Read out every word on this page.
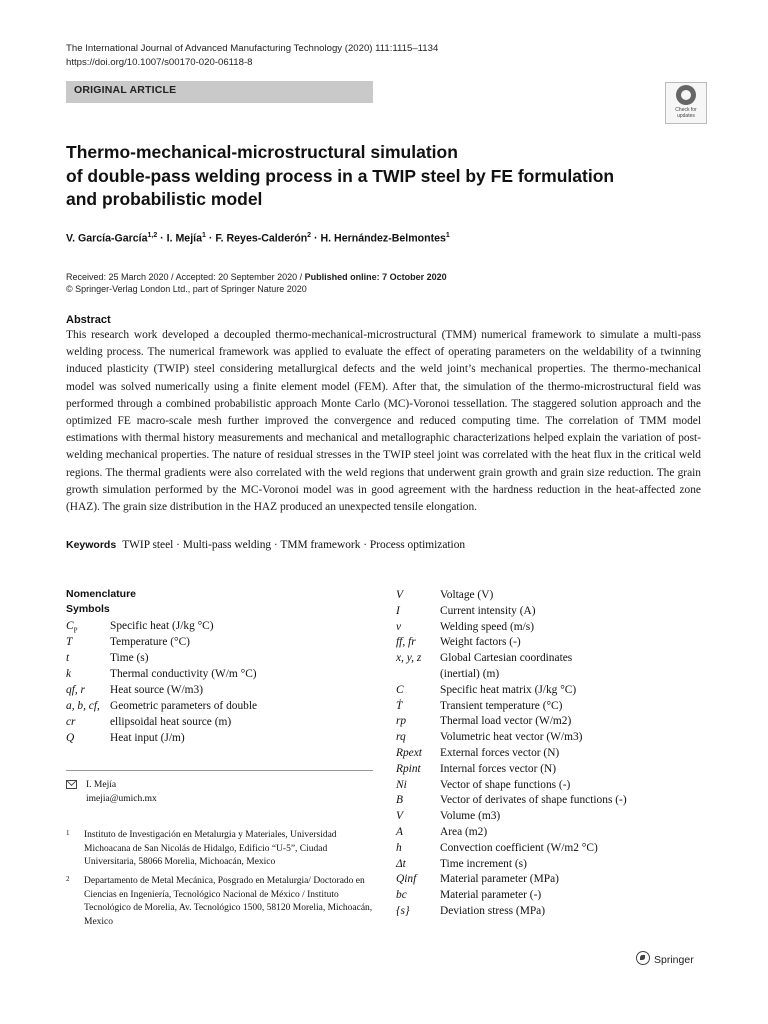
The International Journal of Advanced Manufacturing Technology (2020) 111:1115–1134
https://doi.org/10.1007/s00170-020-06118-8
ORIGINAL ARTICLE
Check for updates
Thermo-mechanical-microstructural simulation
of double-pass welding process in a TWIP steel by FE formulation
and probabilistic model
V. García-García$^{1,2}$ · I. Mejía$^1$ · F. Reyes-Calderón$^2$ · H. Hernández-Belmontes$^1$
Received: 25 March 2020 / Accepted: 20 September 2020 / Published online: 7 October 2020
© Springer-Verlag London Ltd., part of Springer Nature 2020
Abstract
This research work developed a decoupled thermo-mechanical-microstructural (TMM) numerical framework to simulate a multi-pass welding process. The numerical framework was applied to evaluate the effect of operating parameters on the weldability of a twinning induced plasticity (TWIP) steel considering metallurgical defects and the weld joint’s mechanical properties. The thermo-mechanical model was solved numerically using a finite element model (FEM). After that, the simulation of the thermo-microstructural field was performed through a combined probabilistic approach Monte Carlo (MC)-Voronoi tessellation. The staggered solution approach and the optimized FE macro-scale mesh further improved the convergence and reduced computing time. The correlation of TMM model estimations with thermal history measurements and mechanical and metallographic characterizations helped explain the variation of post-welding mechanical properties. The nature of residual stresses in the TWIP steel joint was correlated with the heat flux in the critical weld regions. The thermal gradients were also correlated with the weld regions that underwent grain growth and grain size reduction. The grain growth simulation performed by the MC-Voronoi model was in good agreement with the hardness reduction in the heat-affected zone (HAZ). The grain size distribution in the HAZ produced an unexpected tensile elongation.
Keywords TWIP steel · Multi-pass welding · TMM framework · Process optimization
Nomenclature
Symbols
$C_P$	Specific heat (J/kg °C)
T	Temperature (°C)
t	Time (s)
k	Thermal conductivity (W/m °C)
qf, r	Heat source (W/m3)
a, b, cf, Geometric parameters of double
cr	ellipsoidal heat source (m)
Q	Heat input (J/m)
V	Voltage (V)
I	Current intensity (A)
v	Welding speed (m/s)
ff, fr	Weight factors (-)
x, y, z	Global Cartesian coordinates
(inertial) (m)
C	Specific heat matrix (J/kg °C)
Ṫ	Transient temperature (°C)
rp	Thermal load vector (W/m2)
rq	Volumetric heat vector (W/m3)
Rpext	External forces vector (N)
Rpint	Internal forces vector (N)
Ni	Vector of shape functions (-)
B	Vector of derivates of shape functions (-)
V	Volume (m3)
A	Area (m2)
h	Convection coefficient (W/m2 °C)
Δt	Time increment (s)
Qinf	Material parameter (MPa)
bc	Material parameter (-)
{s}	Deviation stress (MPa)
I. Mejía
imejia@umich.mx
1 Instituto de Investigación en Metalurgia y Materiales, Universidad Michoacana de San Nicolás de Hidalgo, Edificio “U-5”, Ciudad Universitaria, 58066 Morelia, Michoacán, Mexico
2 Departamento de Metal Mecánica, Posgrado en Metalurgia/ Doctorado en Ciencias en Ingeniería, Tecnológico Nacional de México / Instituto Tecnológico de Morelia, Av. Tecnológico 1500, 58120 Morelia, Michoacán, Mexico
Springer
